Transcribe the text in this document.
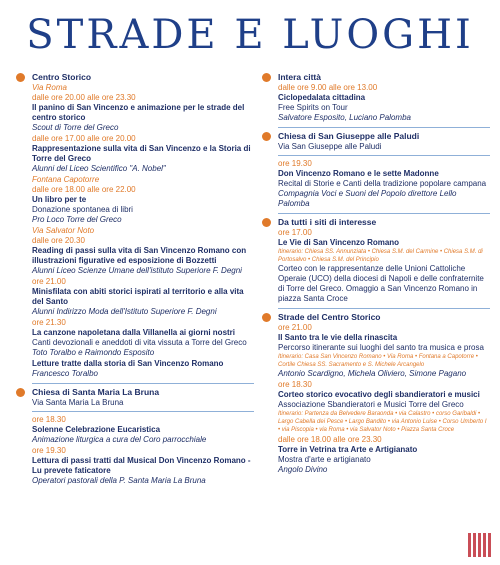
STRADE E LUOGHI
Centro Storico
Via Roma
dalle ore 20.00 alle ore 23.30
Il panino di San Vincenzo e animazione per le strade del centro storico
Scout di Torre del Greco
dalle ore 17.00 alle ore 20.00
Rappresentazione sulla vita di San Vincenzo e la Storia di Torre del Greco
Alunni del Liceo Scientifico "A. Nobel"
Fontana Capotorre
dalle ore 18.00 alle ore 22.00
Un libro per te
Donazione spontanea di libri
Pro Loco Torre del Greco
Via Salvator Noto
dalle ore 20.30
Reading di passi sulla vita di San Vincenzo Romano con illustrazioni figurative ed esposizione di Bozzetti
Alunni Liceo Scienze Umane dell'istituto Superiore F. Degni
ore 21.00
Minisfilata con abiti storici ispirati al territorio e alla vita del Santo
Alunni Indirizzo Moda dell'Istituto Superiore F. Degni
ore 21.30
La canzone napoletana dalla Villanella ai giorni nostri
Canti devozionali e aneddoti di vita vissuta a Torre del Greco
Toto Toralbo e Raimondo Esposito
Letture tratte dalla storia di San Vincenzo Romano
Francesco Toralbo
Chiesa di Santa Maria La Bruna
Via Santa Maria La Bruna
ore 18.30
Solenne Celebrazione Eucaristica
Animazione liturgica a cura del Coro parrocchiale
ore 19.30
Lettura di passi tratti dal Musical Don Vincenzo Romano - Lu prevete faticatore
Operatori pastorali della P. Santa Maria La Bruna
Intera città
dalle ore 9.00 alle ore 13.00
Ciclopedalata cittadina
Free Spirits on Tour
Salvatore Esposito, Luciano Palomba
Chiesa di San Giuseppe alle Paludi
Via San Giuseppe alle Paludi
ore 19.30
Don Vincenzo Romano e le sette Madonne
Recital di Storie e Canti della tradizione popolare campana
Compagnia Voci e Suoni del Popolo direttore Lello Palomba
Da tutti i siti di interesse
ore 17.00
Le Vie di San Vincenzo Romano
Itinerario: Chiesa SS. Annunziata • Chiesa S.M. del Carmine • Chiesa S.M. di Portosalvo • Chiesa S.M. del Principio
Corteo con le rappresentanze delle Unioni Cattoliche Operaie (UCO) della diocesi di Napoli e delle confraternite di Torre del Greco. Omaggio a San Vincenzo Romano in piazza Santa Croce
Strade del Centro Storico
ore 21.00
Il Santo tra le vie della rinascita
Percorso itinerante sui luoghi del santo tra musica e prosa
Itinerario: Casa San Vincenzo Romano • Via Roma • Fontana a Capotorre • Cortile Chiesa SS. Sacramento e S. Michele Arcangelo
Antonio Scardigno, Michela Oliviero, Simone Pagano
ore 18.30
Corteo storico evocativo degli sbandieratori e musici
Associazione Sbandieratori e Musici Torre del Greco
Itinerario: Partenza da Belvedere Baraonda • via Calastro • corso Garibaldi • Largo Cabella dei Pesce • Largo Bandito • via Antonio Luise • Corso Umberto I • via Piscopia • via Roma • via Salvator Noto • Piazza Santa Croce
dalle ore 18.00 alle ore 23.30
Torre in Vetrina tra Arte e Artigianato
Mostra d'arte e artigianato
Angolo Divino
